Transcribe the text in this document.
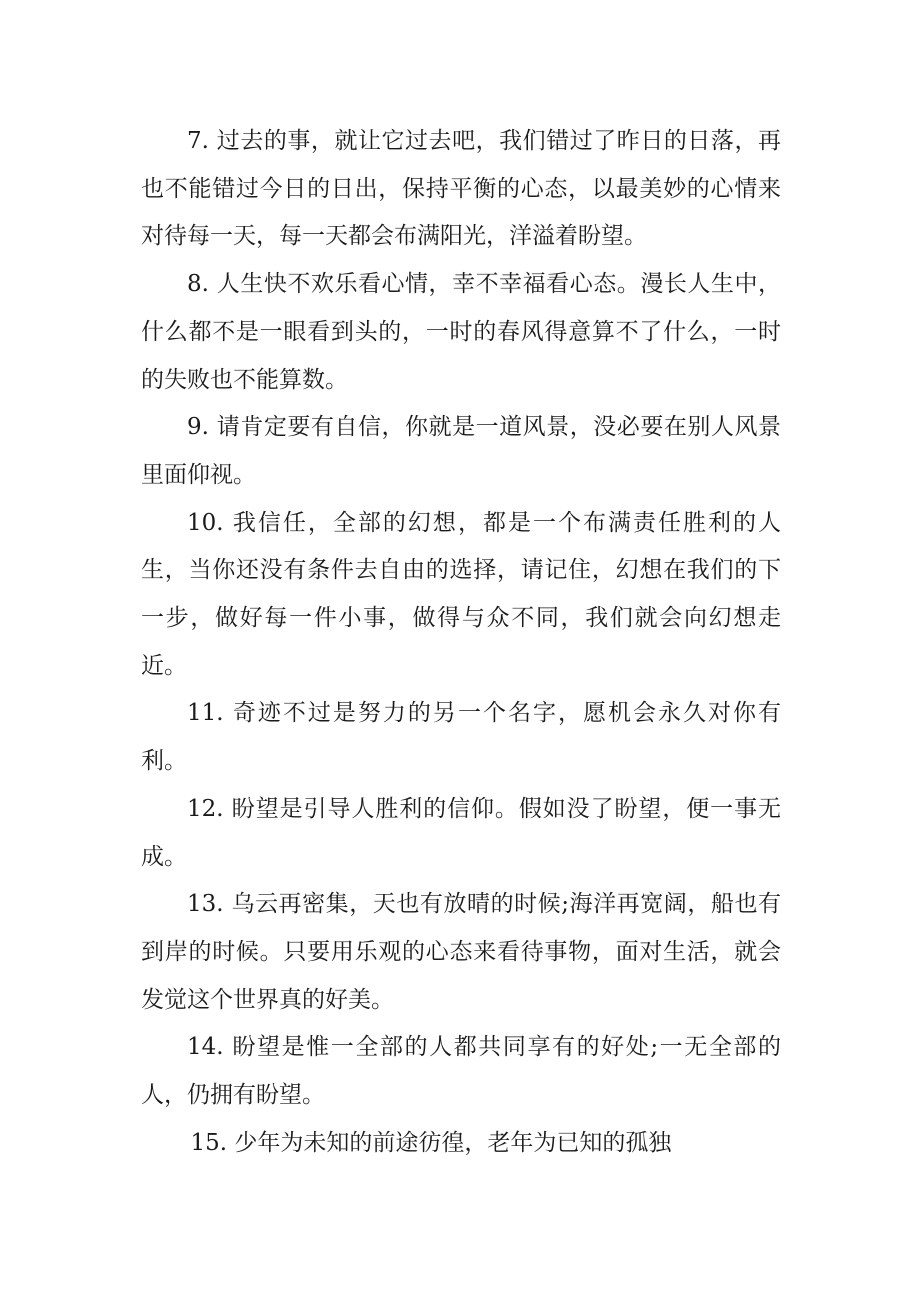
7. 过去的事，就让它过去吧，我们错过了昨日的日落，再也不能错过今日的日出，保持平衡的心态，以最美妙的心情来对待每一天，每一天都会布满阳光，洋溢着盼望。

8. 人生快不欢乐看心情，幸不幸福看心态。漫长人生中，什么都不是一眼看到头的，一时的春风得意算不了什么，一时的失败也不能算数。

9. 请肯定要有自信，你就是一道风景，没必要在别人风景里面仰视。

10. 我信任，全部的幻想，都是一个布满责任胜利的人生，当你还没有条件去自由的选择，请记住，幻想在我们的下一步，做好每一件小事，做得与众不同，我们就会向幻想走近。

11. 奇迹不过是努力的另一个名字，愿机会永久对你有利。

12. 盼望是引导人胜利的信仰。假如没了盼望，便一事无成。

13. 乌云再密集，天也有放晴的时候;海洋再宽阔，船也有到岸的时候。只要用乐观的心态来看待事物，面对生活，就会发觉这个世界真的好美。

14. 盼望是惟一全部的人都共同享有的好处;一无全部的人，仍拥有盼望。

15. 少年为未知的前途彷徨，老年为已知的孤独
